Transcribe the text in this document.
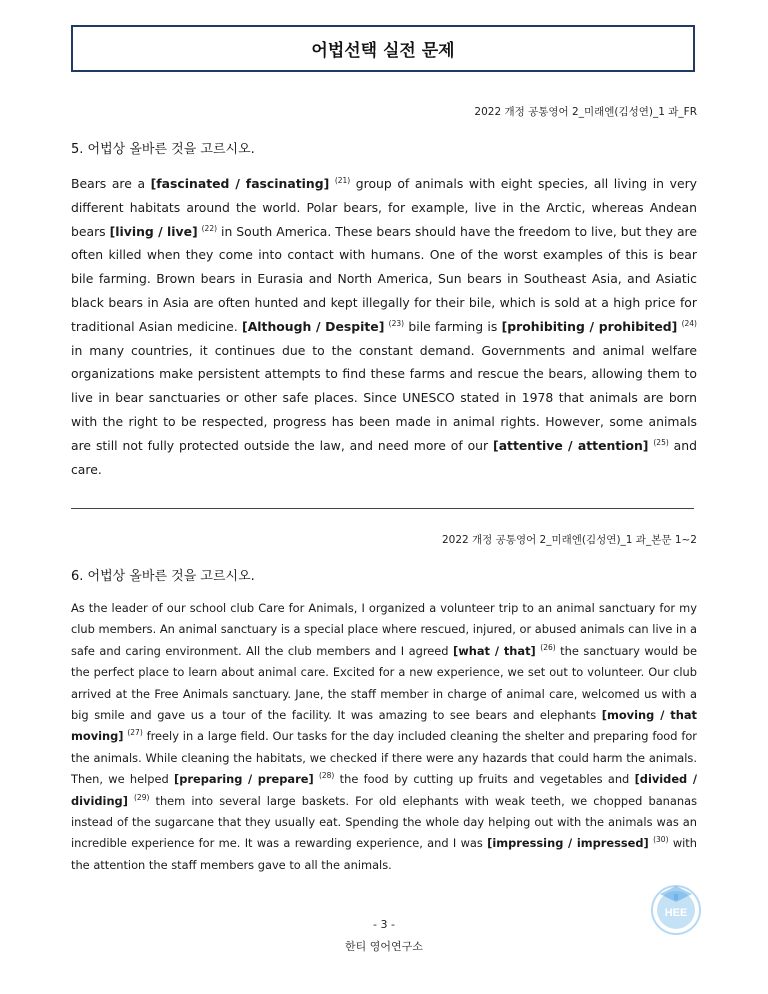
어법선택 실전 문제
2022 개정 공통영어 2_미래엔(김성연)_1 과_FR
5. 어법상 올바른 것을 고르시오.
Bears are a [fascinated / fascinating] $^{(21)}$ group of animals with eight species, all living in very different habitats around the world. Polar bears, for example, live in the Arctic, whereas Andean bears [living / live] $^{(22)}$ in South America. These bears should have the freedom to live, but they are often killed when they come into contact with humans. One of the worst examples of this is bear bile farming. Brown bears in Eurasia and North America, Sun bears in Southeast Asia, and Asiatic black bears in Asia are often hunted and kept illegally for their bile, which is sold at a high price for traditional Asian medicine. [Although / Despite] $^{(23)}$ bile farming is [prohibiting / prohibited] $^{(24)}$ in many countries, it continues due to the constant demand. Governments and animal welfare organizations make persistent attempts to find these farms and rescue the bears, allowing them to live in bear sanctuaries or other safe places. Since UNESCO stated in 1978 that animals are born with the right to be respected, progress has been made in animal rights. However, some animals are still not fully protected outside the law, and need more of our [attentive / attention] $^{(25)}$ and care.
2022 개정 공통영어 2_미래엔(김성연)_1 과_본문 1~2
6. 어법상 올바른 것을 고르시오.
As the leader of our school club Care for Animals, I organized a volunteer trip to an animal sanctuary for my club members. An animal sanctuary is a special place where rescued, injured, or abused animals can live in a safe and caring environment. All the club members and I agreed [what / that] $^{(26)}$ the sanctuary would be the perfect place to learn about animal care. Excited for a new experience, we set out to volunteer. Our club arrived at the Free Animals sanctuary. Jane, the staff member in charge of animal care, welcomed us with a big smile and gave us a tour of the facility. It was amazing to see bears and elephants [moving / that moving] $^{(27)}$ freely in a large field. Our tasks for the day included cleaning the shelter and preparing food for the animals. While cleaning the habitats, we checked if there were any hazards that could harm the animals. Then, we helped [preparing / prepare] $^{(28)}$ the food by cutting up fruits and vegetables and [divided / dividing] $^{(29)}$ them into several large baskets. For old elephants with weak teeth, we chopped bananas instead of the sugarcane that they usually eat. Spending the whole day helping out with the animals was an incredible experience for me. It was a rewarding experience, and I was [impressing / impressed] $^{(30)}$ with the attention the staff members gave to all the animals.
- 3 -
한티 영어연구소
HEE
